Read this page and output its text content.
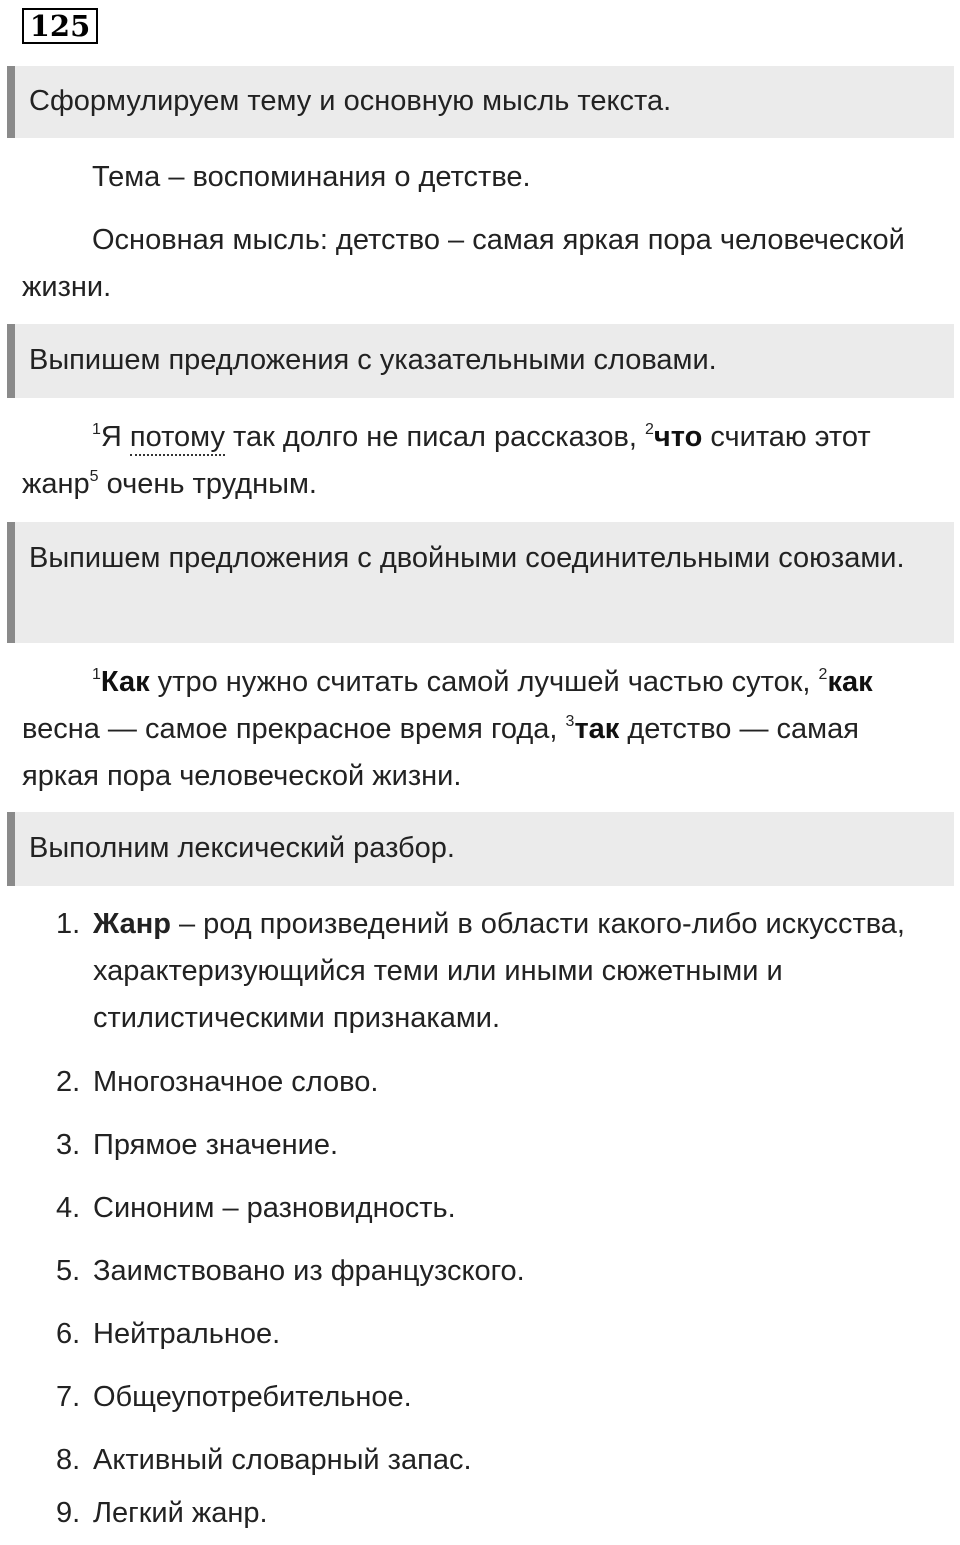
125
Сформулируем тему и основную мысль текста.
Тема – воспоминания о детстве.
Основная мысль: детство – самая яркая пора человеческой жизни.
Выпишем предложения с указательными словами.
$^1$Я потому так долго не писал рассказов, $^2$что считаю этот жанр$^5$ очень трудным.
Выпишем предложения с двойными соединительными союзами.
$^1$Как утро нужно считать самой лучшей частью суток, $^2$как весна — самое прекрасное время года, $^3$так детство — самая яркая пора человеческой жизни.
Выполним лексический разбор.
1. Жанр – род произведений в области какого-либо искусства, характеризующийся теми или иными сюжетными и стилистическими признаками.
2. Многозначное слово.
3. Прямое значение.
4. Синоним – разновидность.
5. Заимствовано из французского.
6. Нейтральное.
7. Общеупотребительное.
8. Активный словарный запас.
9. Легкий жанр.
